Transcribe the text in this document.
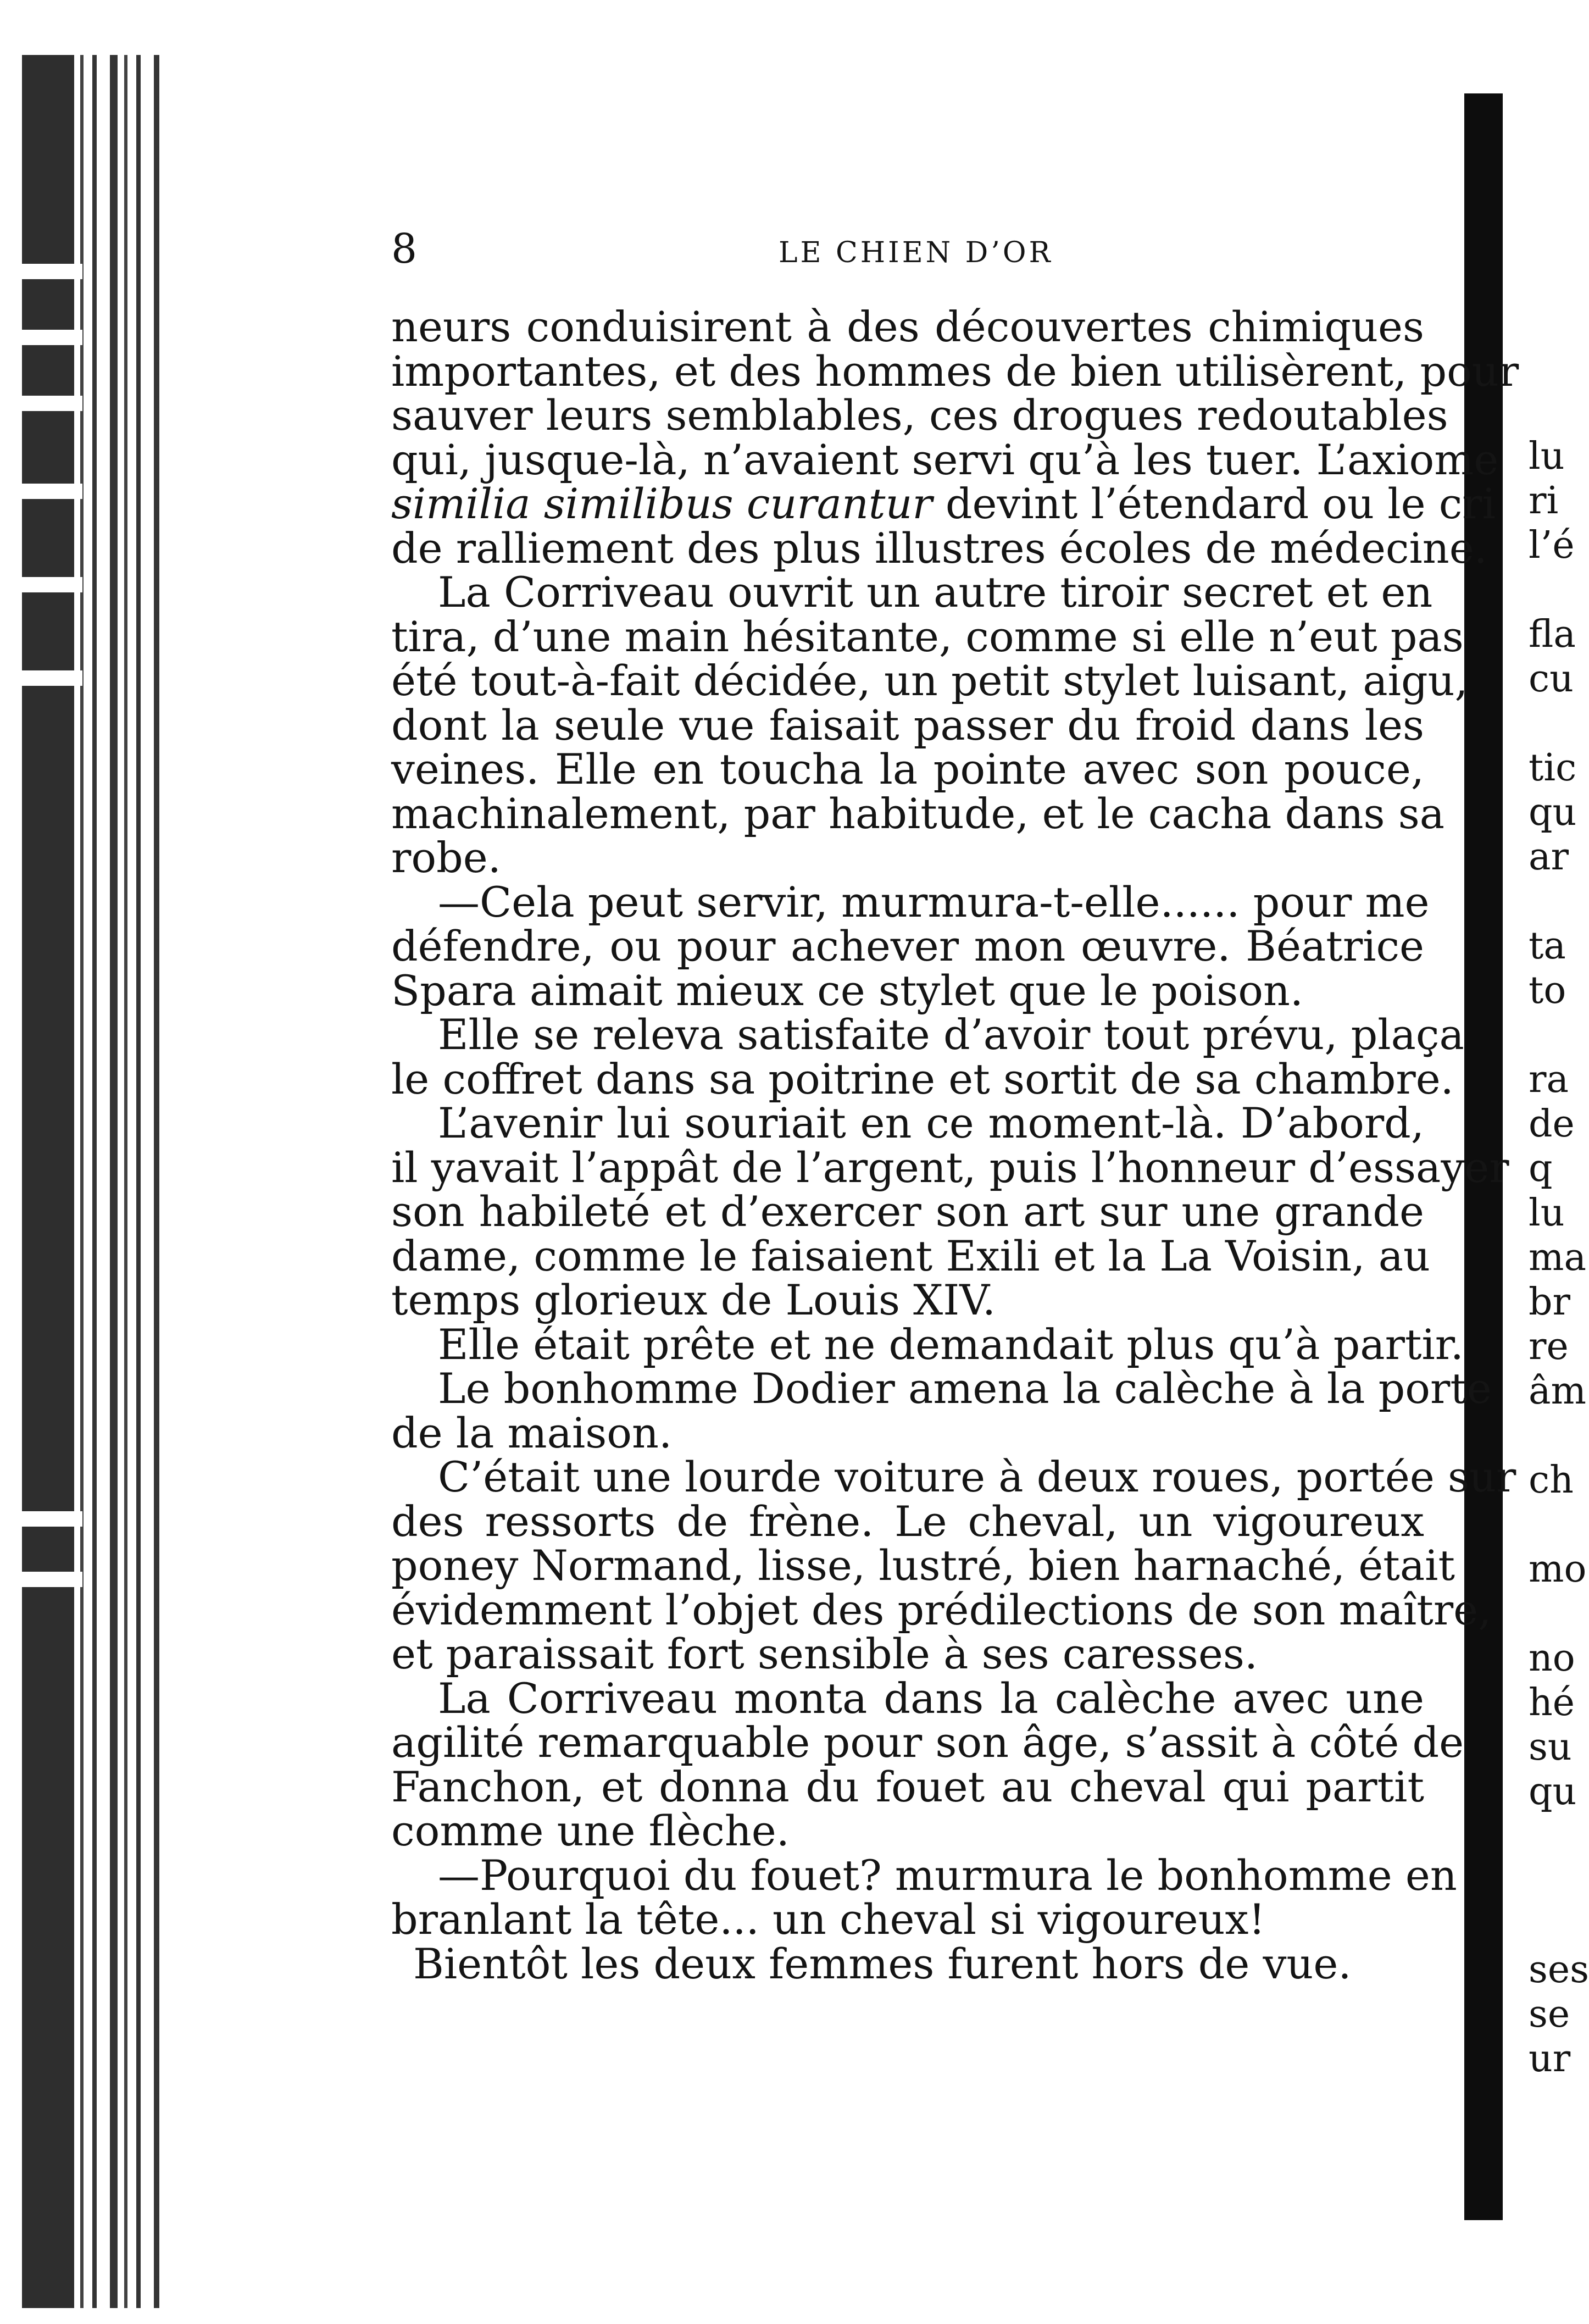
lu
ri
l’é
fla
cu
tic
qu
ar
ta
to
ra
de
q
lu
ma
br
re
âm
ch
mo
no
hé
su
qu
ses
se
ur
8	LE CHIEN D’OR
neurs conduisirent à des découvertes chimiques
importantes, et des hommes de bien utilisèrent, pour
sauver leurs semblables, ces drogues redoutables
qui, jusque-là, n’avaient servi qu’à les tuer. L’axiome
similia similibus curantur devint l’étendard ou le cri
de ralliement des plus illustres écoles de médecine.
La Corriveau ouvrit un autre tiroir secret et en
tira, d’une main hésitante, comme si elle n’eut pas
été tout-à-fait décidée, un petit stylet luisant, aigu,
dont la seule vue faisait passer du froid dans les
veines. Elle en toucha la pointe avec son pouce,
machinalement, par habitude, et le cacha dans sa
robe.
—Cela peut servir, murmura-t-elle...... pour me
défendre, ou pour achever mon œuvre. Béatrice
Spara aimait mieux ce stylet que le poison.
Elle se releva satisfaite d’avoir tout prévu, plaça
le coffret dans sa poitrine et sortit de sa chambre.
L’avenir lui souriait en ce moment-là. D’abord,
il yavait l’appât de l’argent, puis l’honneur d’essayer
son habileté et d’exercer son art sur une grande
dame, comme le faisaient Exili et la La Voisin, au
temps glorieux de Louis XIV.
Elle était prête et ne demandait plus qu’à partir.
Le bonhomme Dodier amena la calèche à la porte
de la maison.
C’était une lourde voiture à deux roues, portée sur
des ressorts de frène. Le cheval, un vigoureux
poney Normand, lisse, lustré, bien harnaché, était
évidemment l’objet des prédilections de son maître,
et paraissait fort sensible à ses caresses.
La Corriveau monta dans la calèche avec une
agilité remarquable pour son âge, s’assit à côté de
Fanchon, et donna du fouet au cheval qui partit
comme une flèche.
—Pourquoi du fouet? murmura le bonhomme en
branlant la tête... un cheval si vigoureux!
Bientôt les deux femmes furent hors de vue.
